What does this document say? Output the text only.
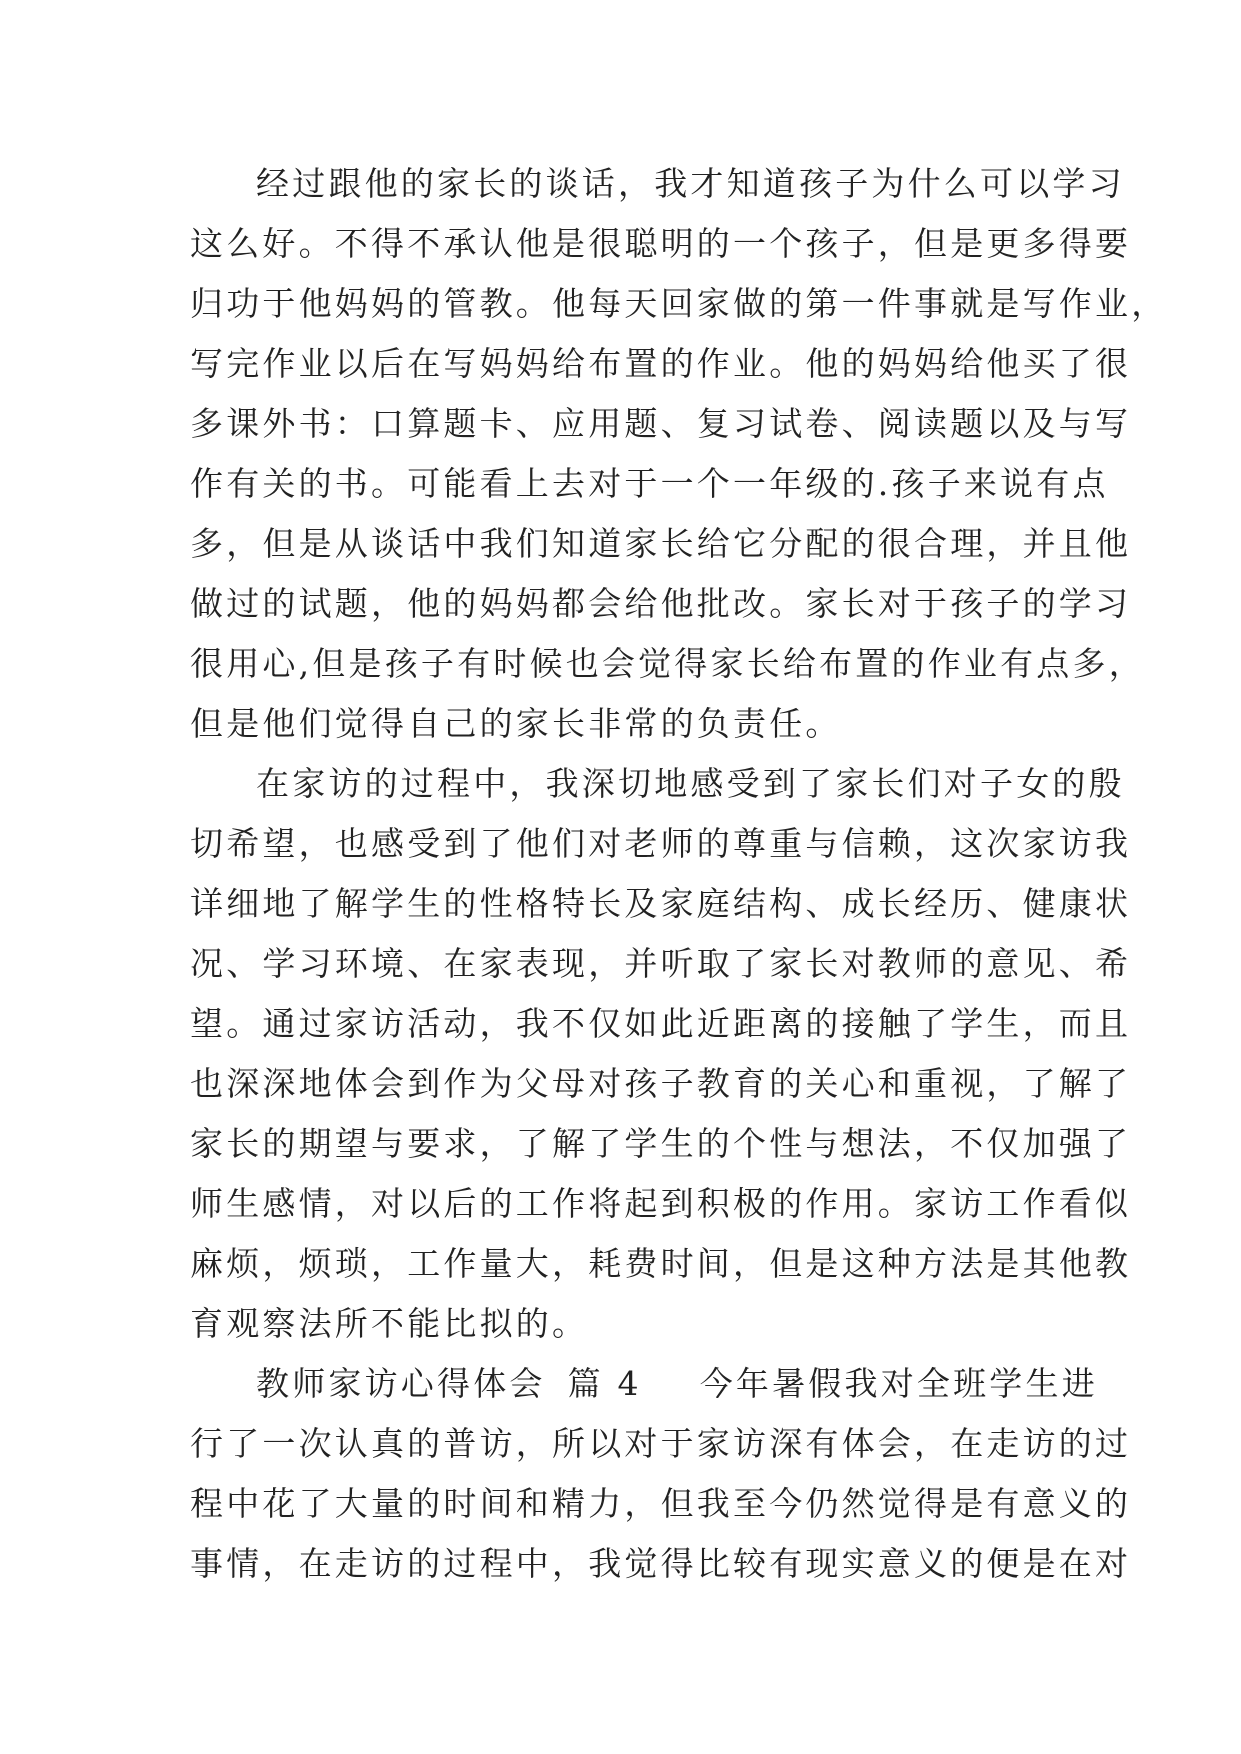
经过跟他的家长的谈话，我才知道孩子为什么可以学习
这么好。不得不承认他是很聪明的一个孩子，但是更多得要
归功于他妈妈的管教。他每天回家做的第一件事就是写作业，
写完作业以后在写妈妈给布置的作业。他的妈妈给他买了很
多课外书：口算题卡、应用题、复习试卷、阅读题以及与写
作有关的书。可能看上去对于一个一年级的.孩子来说有点
多，但是从谈话中我们知道家长给它分配的很合理，并且他
做过的试题，他的妈妈都会给他批改。家长对于孩子的学习
很用心,但是孩子有时候也会觉得家长给布置的作业有点多，
但是他们觉得自己的家长非常的负责任。
在家访的过程中，我深切地感受到了家长们对子女的殷
切希望，也感受到了他们对老师的尊重与信赖，这次家访我
详细地了解学生的性格特长及家庭结构、成长经历、健康状
况、学习环境、在家表现，并听取了家长对教师的意见、希
望。通过家访活动，我不仅如此近距离的接触了学生，而且
也深深地体会到作为父母对孩子教育的关心和重视，了解了
家长的期望与要求，了解了学生的个性与想法，不仅加强了
师生感情，对以后的工作将起到积极的作用。家访工作看似
麻烦，烦琐，工作量大，耗费时间，但是这种方法是其他教
育观察法所不能比拟的。
教师家访心得体会 篇 4 今年暑假我对全班学生进
行了一次认真的普访，所以对于家访深有体会，在走访的过
程中花了大量的时间和精力，但我至今仍然觉得是有意义的
事情，在走访的过程中，我觉得比较有现实意义的便是在对
